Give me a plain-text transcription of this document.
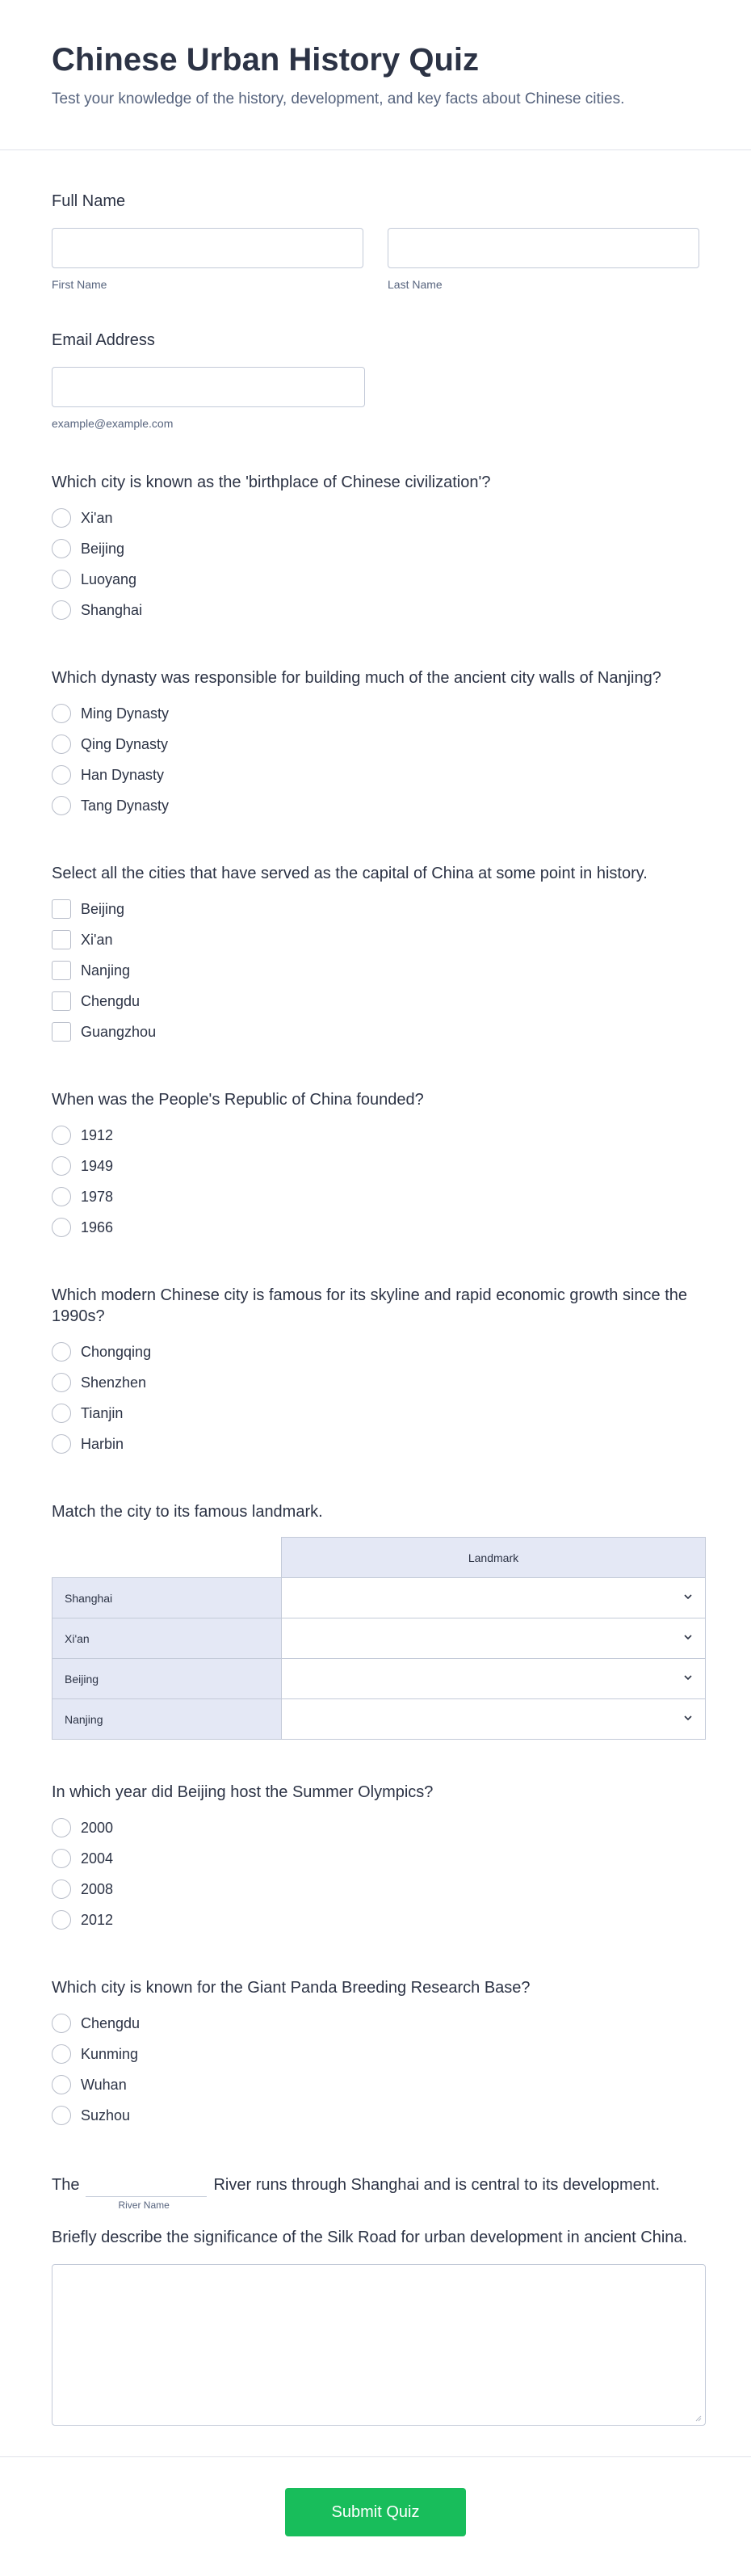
Chinese Urban History Quiz

Test your knowledge of the history, development, and key facts about Chinese cities.

Full Name
First Name	Last Name
Email Address
example@example.com
Which city is known as the 'birthplace of Chinese civilization'?
Xi'an
Beijing
Luoyang
Shanghai
Which dynasty was responsible for building much of the ancient city walls of Nanjing?
Ming Dynasty
Qing Dynasty
Han Dynasty
Tang Dynasty
Select all the cities that have served as the capital of China at some point in history.
Beijing
Xi'an
Nanjing
Chengdu
Guangzhou
When was the People's Republic of China founded?
1912
1949
1978
1966
Which modern Chinese city is famous for its skyline and rapid economic growth since the 1990s?
Chongqing
Shenzhen
Tianjin
Harbin
Match the city to its famous landmark.
	Landmark
Shanghai	

Xi'an	

Beijing	

Nanjing	
In which year did Beijing host the Summer Olympics?
2000
2004
2008
2012
Which city is known for the Giant Panda Breeding Research Base?
Chengdu
Kunming
Wuhan
Suzhou
The
River Name
River runs through Shanghai and is central to its development.
Briefly describe the significance of the Silk Road for urban development in ancient China.
Submit Quiz
